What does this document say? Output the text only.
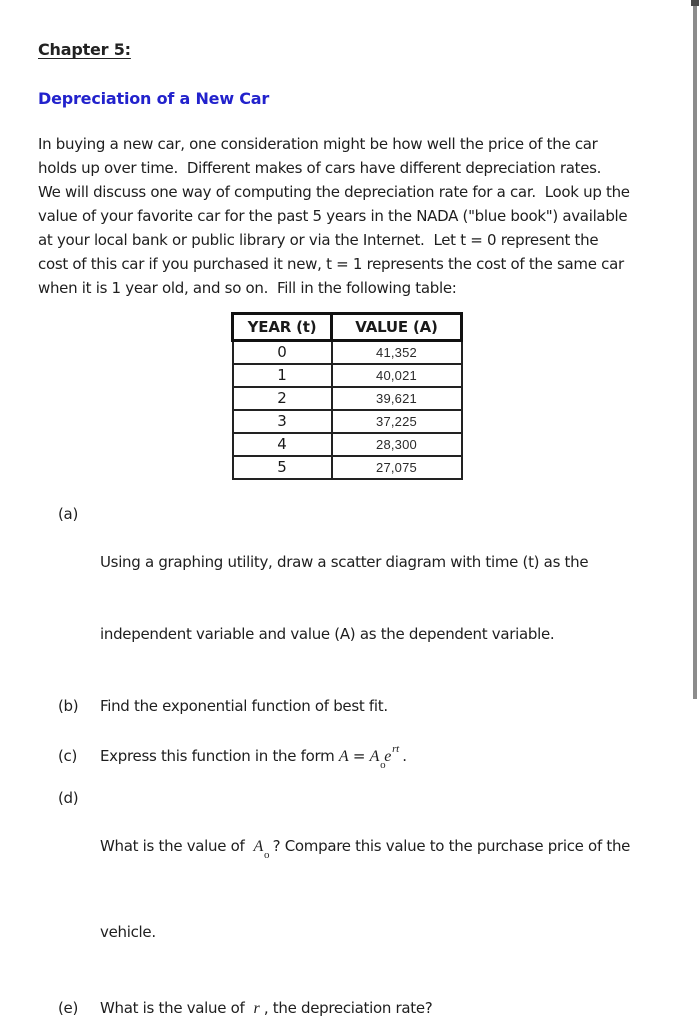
Chapter 5:
Depreciation of a New Car
In buying a new car, one consideration might be how well the price of the car
holds up over time.  Different makes of cars have different depreciation rates.
We will discuss one way of computing the depreciation rate for a car.  Look up the
value of your favorite car for the past 5 years in the NADA ("blue book") available
at your local bank or public library or via the Internet.  Let t = 0 represent the
cost of this car if you purchased it new, t = 1 represents the cost of the same car
when it is 1 year old, and so on.  Fill in the following table:
YEAR (t)	VALUE (A)
0	41,352
1	40,021
2	39,621
3	37,225
4	28,300
5	27,075
(a)

Using a graphing utility, draw a scatter diagram with time (t) as the

independent variable and value (A) as the dependent variable.

(b)	Find the exponential function of best fit.
(c)	Express this function in the form $A = A_oe^{rt}$ .
(d)

What is the value of  $A_o$ ? Compare this value to the purchase price of the

vehicle.

(e)	What is the value of  r , the depreciation rate?
